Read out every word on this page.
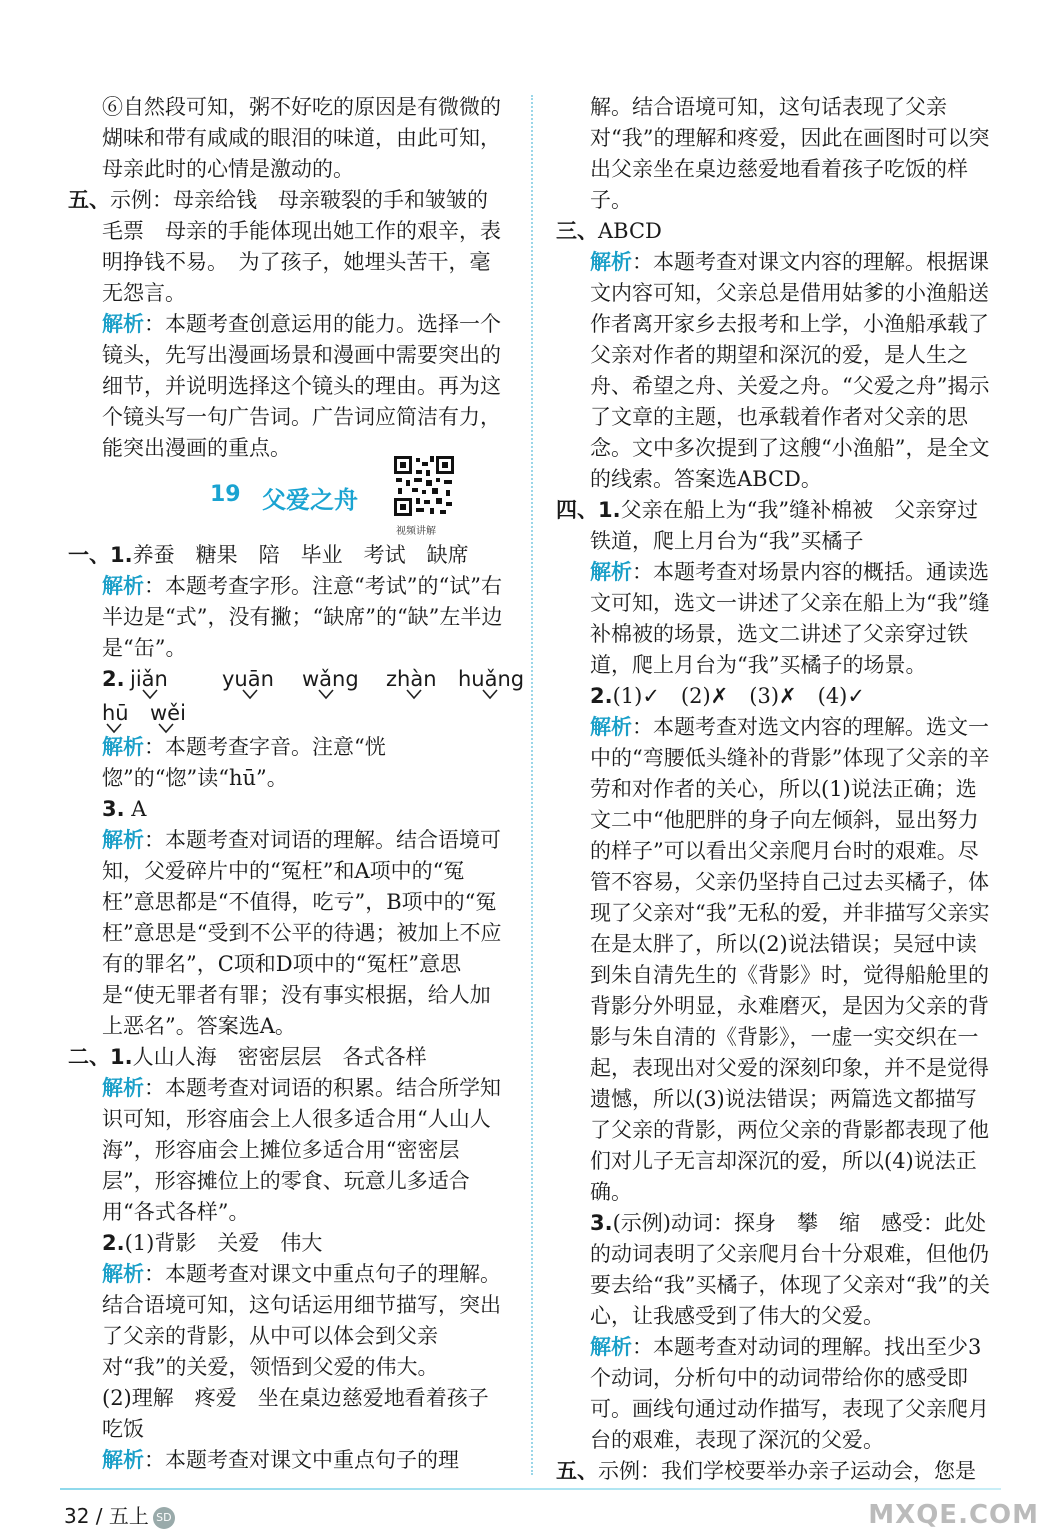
⑥自然段可知，粥不好吃的原因是有微微的煳味和带有咸咸的眼泪的味道，由此可知，母亲此时的心情是激动的。

五、示例：母亲给钱　母亲皲裂的手和皱皱的毛票　母亲的手能体现出她工作的艰辛，表明挣钱不易。　为了孩子，她埋头苦干，毫无怨言。

解析：本题考查创意运用的能力。选择一个镜头，先写出漫画场景和漫画中需要突出的细节，并说明选择这个镜头的理由。再为这个镜头写一句广告词。广告词应简洁有力，能突出漫画的重点。

19 父爱之舟
视频讲解

一、1.养蚕　糖果　陪　毕业　考试　缺席

解析：本题考查字形。注意“考试”的“试”右半边是“式”，没有撇；“缺席”的“缺”左半边是“缶”。

2. jiǎn	yuān wǎng zhàn huǎng
hū wěi

解析：本题考查字音。注意“恍惚”的“惚”读“hū”。

3. A

解析：本题考查对词语的理解。结合语境可知，父爱碎片中的“冤枉”和A项中的“冤枉”意思都是“不值得，吃亏”，B项中的“冤枉”意思是“受到不公平的待遇；被加上不应有的罪名”，C项和D项中的“冤枉”意思是“使无罪者有罪；没有事实根据，给人加上恶名”。答案选A。

二、1.人山人海　密密层层　各式各样

解析：本题考查对词语的积累。结合所学知识可知，形容庙会上人很多适合用“人山人海”，形容庙会上摊位多适合用“密密层层”，形容摊位上的零食、玩意儿多适合用“各式各样”。

2.(1)背影　关爱　伟大

解析：本题考查对课文中重点句子的理解。结合语境可知，这句话运用细节描写，突出了父亲的背影，从中可以体会到父亲对“我”的关爱，领悟到父爱的伟大。

(2)理解　疼爱　坐在桌边慈爱地看着孩子吃饭

解析：本题考查对课文中重点句子的理

解。结合语境可知，这句话表现了父亲对“我”的理解和疼爱，因此在画图时可以突出父亲坐在桌边慈爱地看着孩子吃饭的样子。

三、ABCD

解析：本题考查对课文内容的理解。根据课文内容可知，父亲总是借用姑爹的小渔船送作者离开家乡去报考和上学，小渔船承载了父亲对作者的期望和深沉的爱，是人生之舟、希望之舟、关爱之舟。“父爱之舟”揭示了文章的主题，也承载着作者对父亲的思念。文中多次提到了这艘“小渔船”，是全文的线索。答案选ABCD。

四、1.父亲在船上为“我”缝补棉被　父亲穿过铁道，爬上月台为“我”买橘子

解析：本题考查对场景内容的概括。通读选文可知，选文一讲述了父亲在船上为“我”缝补棉被的场景，选文二讲述了父亲穿过铁道，爬上月台为“我”买橘子的场景。

2.(1)✓　(2)✗　(3)✗　(4)✓

解析：本题考查对选文内容的理解。选文一中的“弯腰低头缝补的背影”体现了父亲的辛劳和对作者的关心，所以(1)说法正确；选文二中“他肥胖的身子向左倾斜，显出努力的样子”可以看出父亲爬月台时的艰难。尽管不容易，父亲仍坚持自己过去买橘子，体现了父亲对“我”无私的爱，并非描写父亲实在是太胖了，所以(2)说法错误；吴冠中读到朱自清先生的《背影》时，觉得船舱里的背影分外明显，永难磨灭，是因为父亲的背影与朱自清的《背影》，一虚一实交织在一起，表现出对父爱的深刻印象，并不是觉得遗憾，所以(3)说法错误；两篇选文都描写了父亲的背影，两位父亲的背影都表现了他们对儿子无言却深沉的爱，所以(4)说法正确。

3.(示例)动词：探身　攀　缩　感受：此处的动词表明了父亲爬月台十分艰难，但他仍要去给“我”买橘子，体现了父亲对“我”的关心，让我感受到了伟大的父爱。

解析：本题考查对动词的理解。找出至少3个动词，分析句中的动词带给你的感受即可。画线句通过动作描写，表现了父亲爬月台的艰难，表现了深沉的父爱。

五、示例：我们学校要举办亲子运动会，您是

32 / 五上 SD	MXQE.COM
